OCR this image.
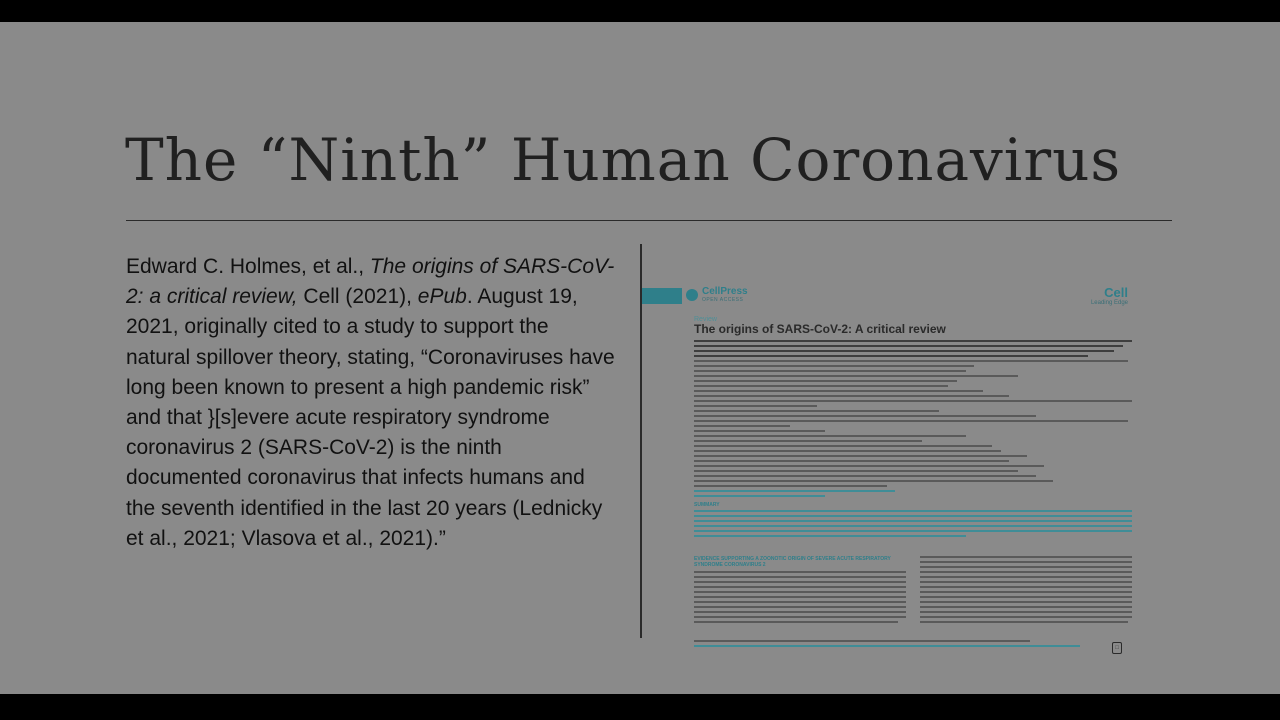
The “Ninth” Human Coronavirus

Edward C. Holmes, et al., The origins of SARS-CoV-2: a critical review, Cell (2021), ePub. August 19, 2021, originally cited to a study to support the natural spillover theory, stating, “Coronaviruses have long been known to present a high pandemic risk” and that }[s]evere acute respiratory syndrome coronavirus 2 (SARS-CoV-2) is the ninth documented coronavirus that infects humans and the seventh identified in the last 20 years (Lednicky et al., 2021; Vlasova et al., 2021).”

CellPress
OPEN ACCESS	Cell
Leading Edge
Review
The origins of SARS-CoV-2: A critical review
SUMMARY
EVIDENCE SUPPORTING A ZOONOTIC ORIGIN OF SEVERE ACUTE RESPIRATORY SYNDROME CORONAVIRUS 2
□
